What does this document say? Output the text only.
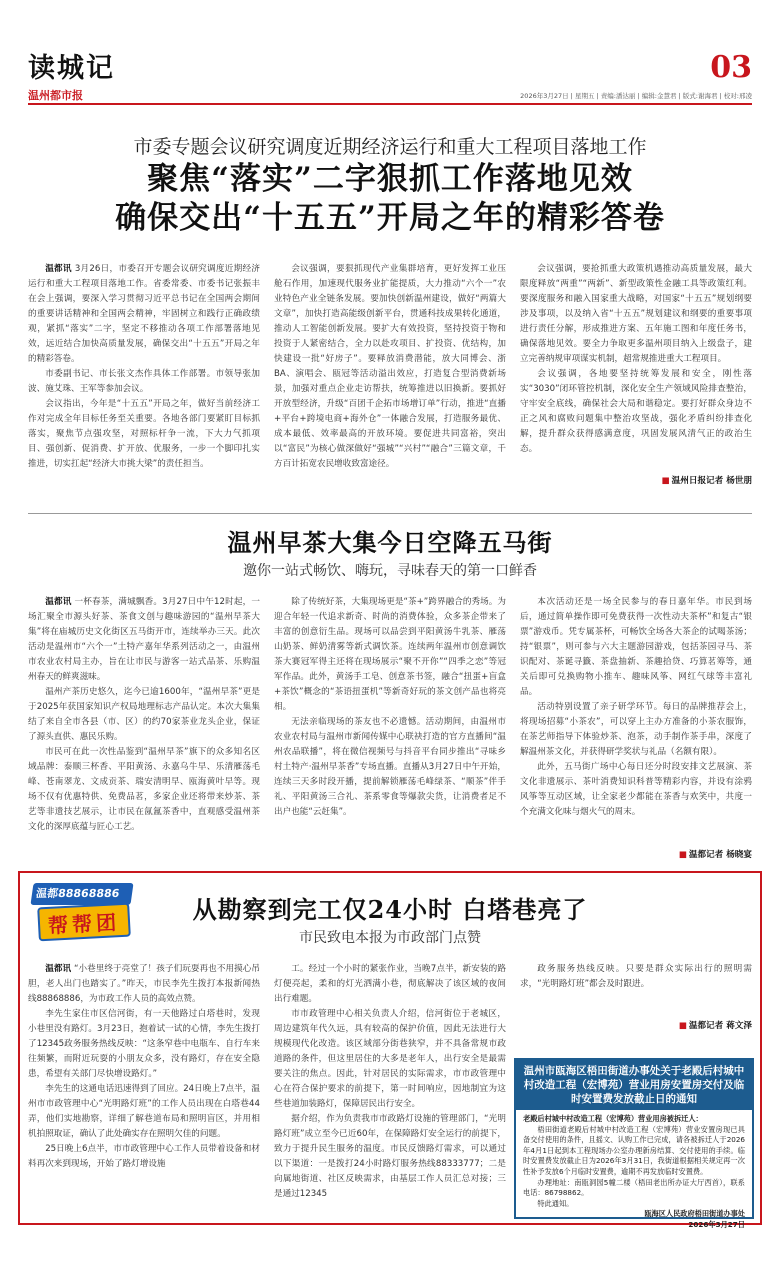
读城记
温州都市报
03
2026年3月27日 | 星期五 | 责编:潘达丽 | 编辑:金慧君 | 版式:谢海君 | 校对:邢凌
市委专题会议研究调度近期经济运行和重大工程项目落地工作
聚焦“落实”二字狠抓工作落地见效
确保交出“十五五”开局之年的精彩答卷

温都讯 3月26日，市委召开专题会议研究调度近期经济运行和重大工程项目落地工作。省委常委、市委书记张振丰在会上强调，要深入学习贯彻习近平总书记在全国两会期间的重要讲话精神和全国两会精神，牢固树立和践行正确政绩观，紧抓“落实”二字，坚定不移推动各项工作部署落地见效，远近结合加快高质量发展，确保交出“十五五”开局之年的精彩答卷。

市委副书记、市长张文杰作具体工作部署。市领导张加波、施艾珠、王军等参加会议。

会议指出，今年是“十五五”开局之年，做好当前经济工作对完成全年目标任务至关重要。各地各部门要紧盯目标抓落实，聚焦节点强攻坚，对照标杆争一流，下大力气抓项目、强创新、促消费、扩开放、优服务，一步一个脚印扎实推进，切实扛起“经济大市挑大梁”的责任担当。

会议强调，要狠抓现代产业集群培育，更好发挥工业压舱石作用，加速现代服务业扩能提质，大力推动“六个一”农业特色产业全链条发展。要加快创新温州建设，做好“两篇大文章”，加快打造高能级创新平台，贯通科技成果转化通道，推动人工智能创新发展。要扩大有效投资，坚持投资于物和投资于人紧密结合，全力以赴攻项目、扩投资、优结构，加快建设一批“好房子”。要释放消费潜能，放大同博会、浙BA、演唱会、瓯冠等活动溢出效应，打造复合型消费新场景，加强对重点企业走访帮扶，统筹推进以旧换新。要抓好开放型经济，升级“百团千企拓市场增订单”行动，推进“直播+平台+跨境电商+海外仓”一体融合发展，打造服务最优、成本最低、效率最高的开放环境。要促进共同富裕，突出以“富民”为核心做深做好“强城”“兴村”“融合”三篇文章，千方百计拓宽农民增收致富途径。

会议强调，要抢抓重大政策机遇推动高质量发展，最大限度释放“两重”“两新”、新型政策性金融工具等政策红利。要深度服务和融入国家重大战略，对国家“十五五”规划纲要涉及事项，以及纳入省“十五五”规划建议和纲要的重要事项进行责任分解，形成推进方案、五年施工图和年度任务书，确保落地见效。要全力争取更多温州项目纳入上级盘子，建立完善纳规审项谋实机制，超常规推进重大工程项目。

会议强调，各地要坚持统筹发展和安全，刚性落实“3030”闭环管控机制，深化安全生产领域风险排查整治，守牢安全底线，确保社会大局和谐稳定。要打好群众身边不正之风和腐败问题集中整治攻坚战，强化矛盾纠纷排查化解，提升群众获得感满意度，巩固发展风清气正的政治生态。

■ 温州日报记者 杨世朋
温州早茶大集今日空降五马街
邀你一站式畅饮、嗨玩，寻味春天的第一口鲜香

温都讯 一杯春茶，满城飘香。3月27日中午12时起，一场汇聚全市源头好茶、茶食文创与趣味游园的“温州早茶大集”将在庙城历史文化街区五马街开市，连续举办三天。此次活动是温州市“六个一”土特产嘉年华系列活动之一，由温州市农业农村局主办，旨在让市民与游客一站式品茶、乐购温州春天的鲜爽滋味。

温州产茶历史悠久，迄今已逾1600年，“温州早茶”更是于2025年获国家知识产权局地理标志产品认定。本次大集集结了来自全市各县（市、区）的约70家茶业龙头企业，保证了源头直供、惠民乐购。

市民可在此一次性品鉴到“温州早茶”旗下的众多知名区域品牌：泰顺三杯香、平阳黄汤、永嘉乌牛早、乐清雁荡毛峰、苍南翠龙、文成贡茶、瑞安清明早、瓯海黄叶早等。现场不仅有优惠特供、免费品茗，多家企业还将带来炒茶、茶艺等非遗技艺展示，让市民在氤氲茶香中，直观感受温州茶文化的深厚底蕴与匠心工艺。

除了传统好茶，大集现场更是“茶+”跨界融合的秀场。为迎合年轻一代追求新奇、时尚的消费体验，众多茶企带来了丰富的创意衍生品。现场可以品尝到平阳黄汤牛乳茶、雁荡山奶茶、鲜奶清雾等新式调饮茶。连续两年温州市创意调饮茶大赛冠军得主还将在现场展示“聚不开你”“四季之恋”等冠军作品。此外，黄汤手工皂、创意茶书签，融合“扭蛋+盲盒+茶饮”概念的“茶语扭蛋机”等新奇好玩的茶文创产品也将亮相。

无法亲临现场的茶友也不必遗憾。活动期间，由温州市农业农村局与温州市新闻传媒中心联袂打造的官方直播间“温州农品联播”，将在微信视频号与抖音平台同步推出“寻味乡村土特产·温州早茶香”专场直播。直播从3月27日中午开始，连续三天多时段开播，提前解锁雁荡毛峰绿茶、“顺茶”伴手礼、平阳黄汤三合礼、茶系零食等爆款尖货，让消费者足不出户也能“云赶集”。

本次活动还是一场全民参与的春日嘉年华。市民到场后，通过简单操作即可免费获得一次性动夫茶杯”和复古“银票”游戏币。凭专属茶杯，可畅饮全场各大茶企的试喝茶汤；持“银票”，则可参与六大主题游园游戏，包括茶园寻马、茶识配对、茶诞寻籤、茶盘抽新、茶趣拾贷、巧算茗筹等，通关后即可兑换购物小推车、趣味风筝、网红气球等丰富礼品。

活动特别设置了亲子研学环节。每日的品牌推荐会上，将现场招募“小茶农”，可以穿上主办方准备的小茶农服饰，在茶艺师指导下体验炒茶、泡茶，动手制作茶手串，深度了解温州茶文化，并获得研学奖状与礼品（名额有限）。

此外，五马街广场中心每日还分时段安排文艺展演、茶文化非遗展示、茶叶消费知识科普等精彩内容，并设有涂鸦风筝等互动区域，让全家老少都能在茶香与欢笑中，共度一个充满文化味与烟火气的周末。

■ 温都记者 杨晓宴
温都88868886
帮帮团	从勘察到完工仅24小时 白塔巷亮了
市民致电本报为市政部门点赞

温都讯 “小巷里终于亮堂了！孩子们玩耍再也不用摸心吊胆，老人出门也踏实了。”昨天，市民李先生拨打本报新闻热线88868886，为市政工作人员的高效点赞。

李先生家住市区信河街，有一天他路过白塔巷时，发现小巷里没有路灯。3月23日，抱着试一试的心情，李先生拨打了12345政务服务热线反映：“这条窄巷中电瓶车、自行车来往频繁，而附近玩耍的小朋友众多，没有路灯，存在安全隐患，希望有关部门尽快增设路灯。”

李先生的这通电话迅速得到了回应。24日晚上7点半，温州市市政管理中心“光明路灯班”的工作人员出现在白塔巷44弄，他们实地勘察，详细了解巷道布局和照明盲区，并用相机拍照取证，确认了此处确实存在照明欠佳的问题。

25日晚上6点半，市市政管理中心工作人员带着设备和材料再次来到现场，开始了路灯增设施

工。经过一个小时的紧张作业，当晚7点半，新安装的路灯便亮起，柔和的灯光洒满小巷，彻底解决了该区域的夜间出行难题。

市市政管理中心相关负责人介绍，信河街位于老城区，周边建筑年代久远，具有较高的保护价值，因此无法进行大规模现代化改造。该区域部分街巷狭窄，并不具备常规市政道路的条件，但这里居住的大多是老年人，出行安全是最需要关注的焦点。因此，针对居民的实际需求，市市政管理中心在符合保护要求的前提下，第一时间响应，因地制宜为这些巷道加装路灯，保障居民出行安全。

据介绍，作为负责我市市政路灯设施的管理部门，“光明路灯班”成立至今已近60年，在保障路灯安全运行的前提下，致力于提升民生服务的温度。市民反馈路灯需求，可以通过以下渠道：一是拨打24小时路灯服务热线88333777；二是向属地街道、社区反映需求，由基层工作人员汇总对接；三是通过12345

政务服务热线反映。只要是群众实际出行的照明需求，“光明路灯班”都会及时跟进。

■ 温都记者 蒋文泽
温州市瓯海区梧田街道办事处关于老殿后村城中村改造工程（宏博苑）营业用房安置房交付及临时安置费发放截止日的通知

老殿后村城中村改造工程（宏博苑）营业用房被拆迁人：

梧田街道老殿后村城中村改造工程（宏博苑）营业安置房现已具备交付使用的条件，且摇文、认购工作已完成，请各被拆迁人于2026年4月1日起到本工程现场办公室办理新房结算、交付使用的手续。临时安置费发放截止日为2026年3月31日，我街道根据相关规定再一次性补予发放6个月临时安置费，逾期不再发放临时安置费。

办理地址：南瓯洞园5幢二楼（梧田老出所办证大厅西首），联系电话：86798862。

特此通知。

瓯海区人民政府梧田街道办事处

2026年3月27日
